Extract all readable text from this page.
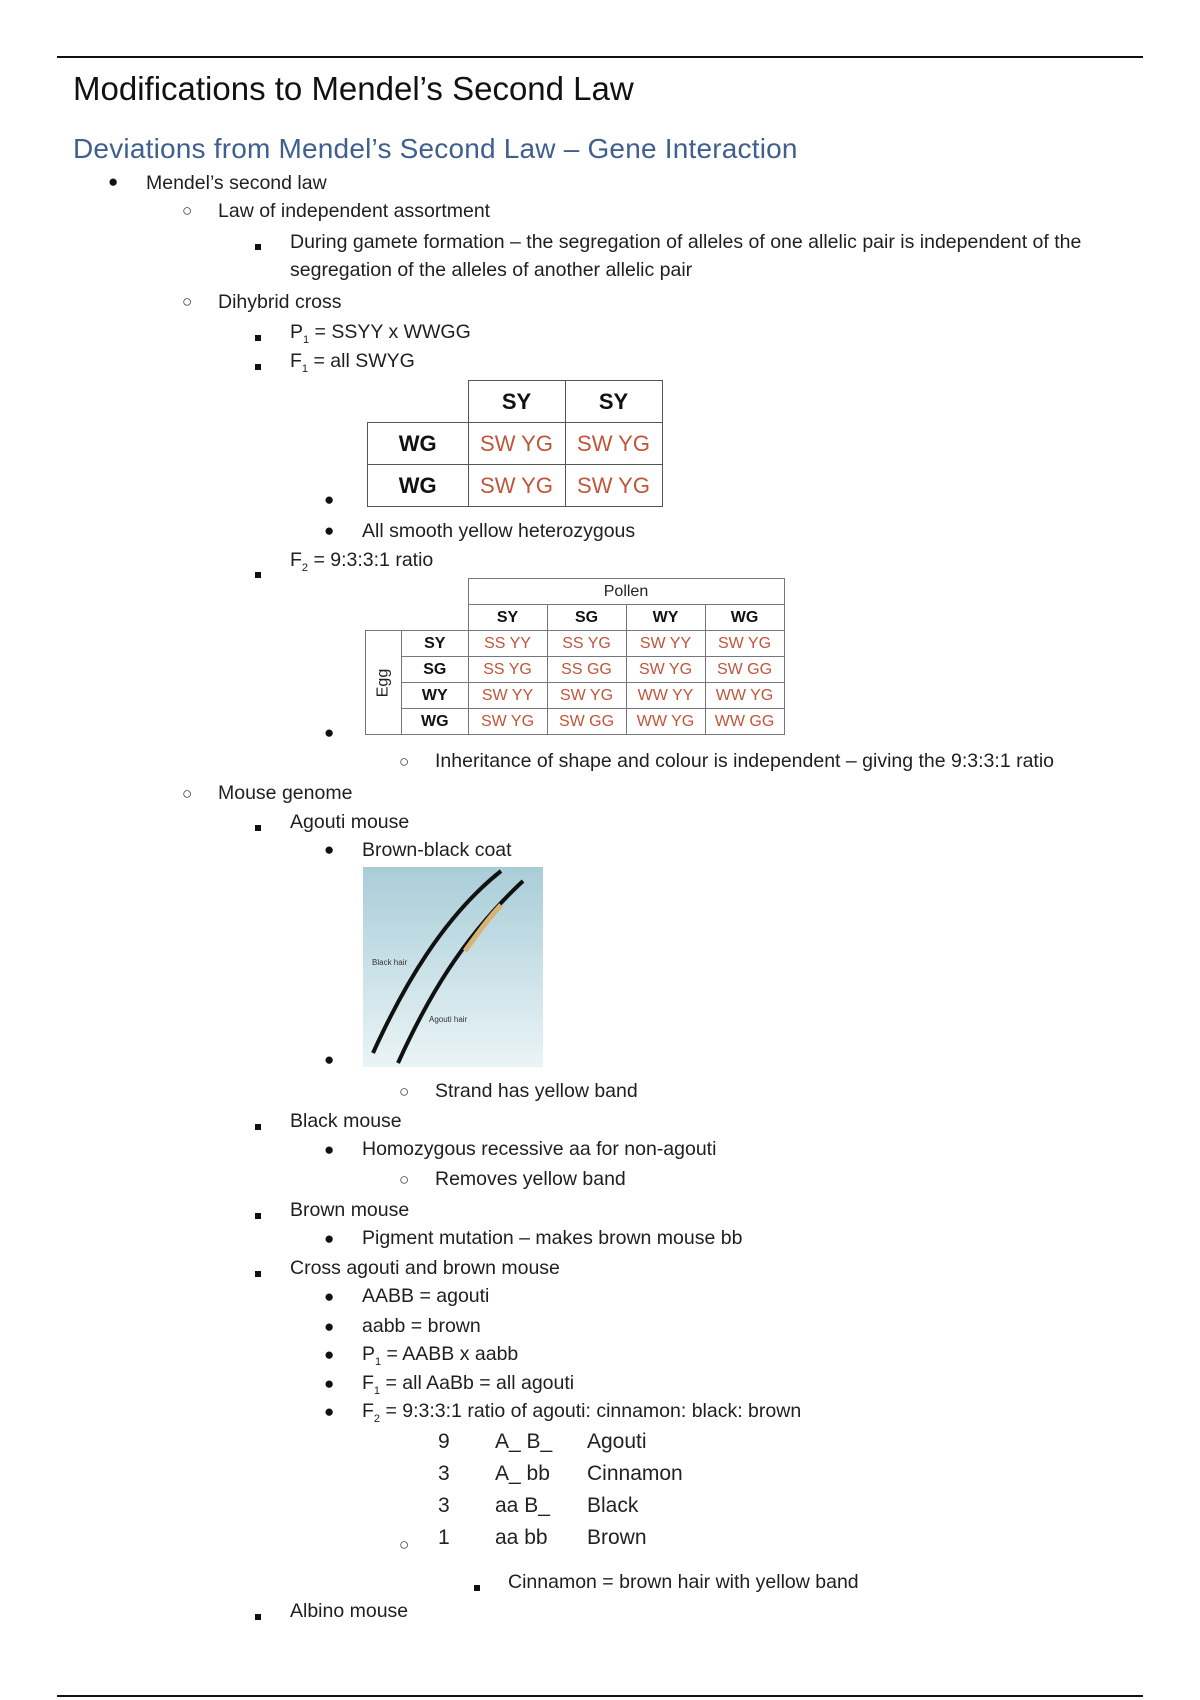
Modifications to Mendel’s Second Law
Deviations from Mendel’s Second Law – Gene Interaction
● Mendel’s second law
○ Law of independent assortment
During gamete formation – the segregation of alleles of one allelic pair is independent of the
segregation of the alleles of another allelic pair
○ Dihybrid cross
$P_1$ = SSYY x WWGG
$F_1$ = all SWYG
●
	SY	SY
WG	SW YG	SW YG
WG	SW YG	SW YG
● All smooth yellow heterozygous
$F_2$ = 9:3:3:1 ratio
●
		Pollen			
		SY	SG	WY	WG

Egg	SY	SS YY	SS YG	SW YY	SW YG
	SG	SS YG	SS GG	SW YG	SW GG
	WY	SW YY	SW YG	WW YY	WW YG
	WG	SW YG	SW GG	WW YG	WW GG
○ Inheritance of shape and colour is independent – giving the 9:3:3:1 ratio
○ Mouse genome
Agouti mouse
● Brown-black coat
●
Black hair
Agouti hair
○ Strand has yellow band
Black mouse
● Homozygous recessive aa for non-agouti
○ Removes yellow band
Brown mouse
● Pigment mutation – makes brown mouse bb
Cross agouti and brown mouse
● AABB = agouti
● aabb = brown
● $P_1$ = AABB x aabb
● $F_1$ = all AaBb = all agouti
● $F_2$ = 9:3:3:1 ratio of agouti: cinnamon: black: brown
○
9	A_ B_	Agouti
3	A_ bb	Cinnamon
3	aa B_	Black
1	aa bb	Brown
Cinnamon = brown hair with yellow band
Albino mouse
